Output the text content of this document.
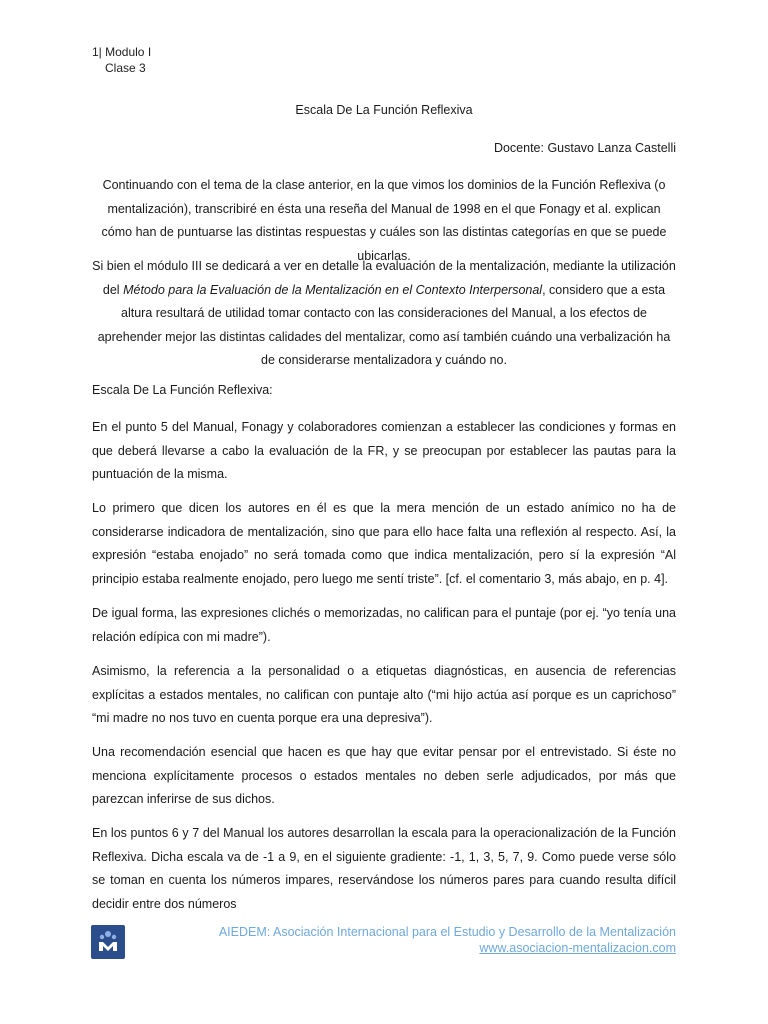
1| Modulo I
Clase 3
Escala De La Función Reflexiva
Docente: Gustavo Lanza Castelli
Continuando con el tema de la clase anterior, en la que vimos los dominios de la Función Reflexiva (o mentalización), transcribiré en ésta una reseña del Manual de 1998 en el que Fonagy et al. explican cómo han de puntuarse las distintas respuestas y cuáles son las distintas categorías en que se puede ubicarlas.
Si bien el módulo III se dedicará a ver en detalle la evaluación de la mentalización, mediante la utilización del Método para la Evaluación de la Mentalización en el Contexto Interpersonal, considero que a esta altura resultará de utilidad tomar contacto con las consideraciones del Manual, a los efectos de aprehender mejor las distintas calidades del mentalizar, como así también cuándo una verbalización ha de considerarse mentalizadora y cuándo no.
Escala De La Función Reflexiva:
En el punto 5 del Manual, Fonagy y colaboradores comienzan a establecer las condiciones y formas en que deberá llevarse a cabo la evaluación de la FR, y se preocupan por establecer las pautas para la puntuación de la misma.
Lo primero que dicen los autores en él es que la mera mención de un estado anímico no ha de considerarse indicadora de mentalización, sino que para ello hace falta una reflexión al respecto. Así, la expresión “estaba enojado” no será tomada como que indica mentalización, pero sí la expresión “Al principio estaba realmente enojado, pero luego me sentí triste”. [cf. el comentario 3, más abajo, en p. 4].
De igual forma, las expresiones clichés o memorizadas, no califican para el puntaje (por ej. “yo tenía una relación edípica con mi madre”).
Asimismo, la referencia a la personalidad o a etiquetas diagnósticas, en ausencia de referencias explícitas a estados mentales, no califican con puntaje alto (“mi hijo actúa así porque es un caprichoso” “mi madre no nos tuvo en cuenta porque era una depresiva”).
Una recomendación esencial que hacen es que hay que evitar pensar por el entrevistado. Si éste no menciona explícitamente procesos o estados mentales no deben serle adjudicados, por más que parezcan inferirse de sus dichos.
En los puntos 6 y 7 del Manual los autores desarrollan la escala para la operacionalización de la Función Reflexiva. Dicha escala va de -1 a 9, en el siguiente gradiente: -1, 1, 3, 5, 7, 9. Como puede verse sólo se toman en cuenta los números impares, reservándose los números pares para cuando resulta difícil decidir entre dos números
AIEDEM: Asociación Internacional para el Estudio y Desarrollo de la Mentalización
www.asociacion-mentalizacion.com
